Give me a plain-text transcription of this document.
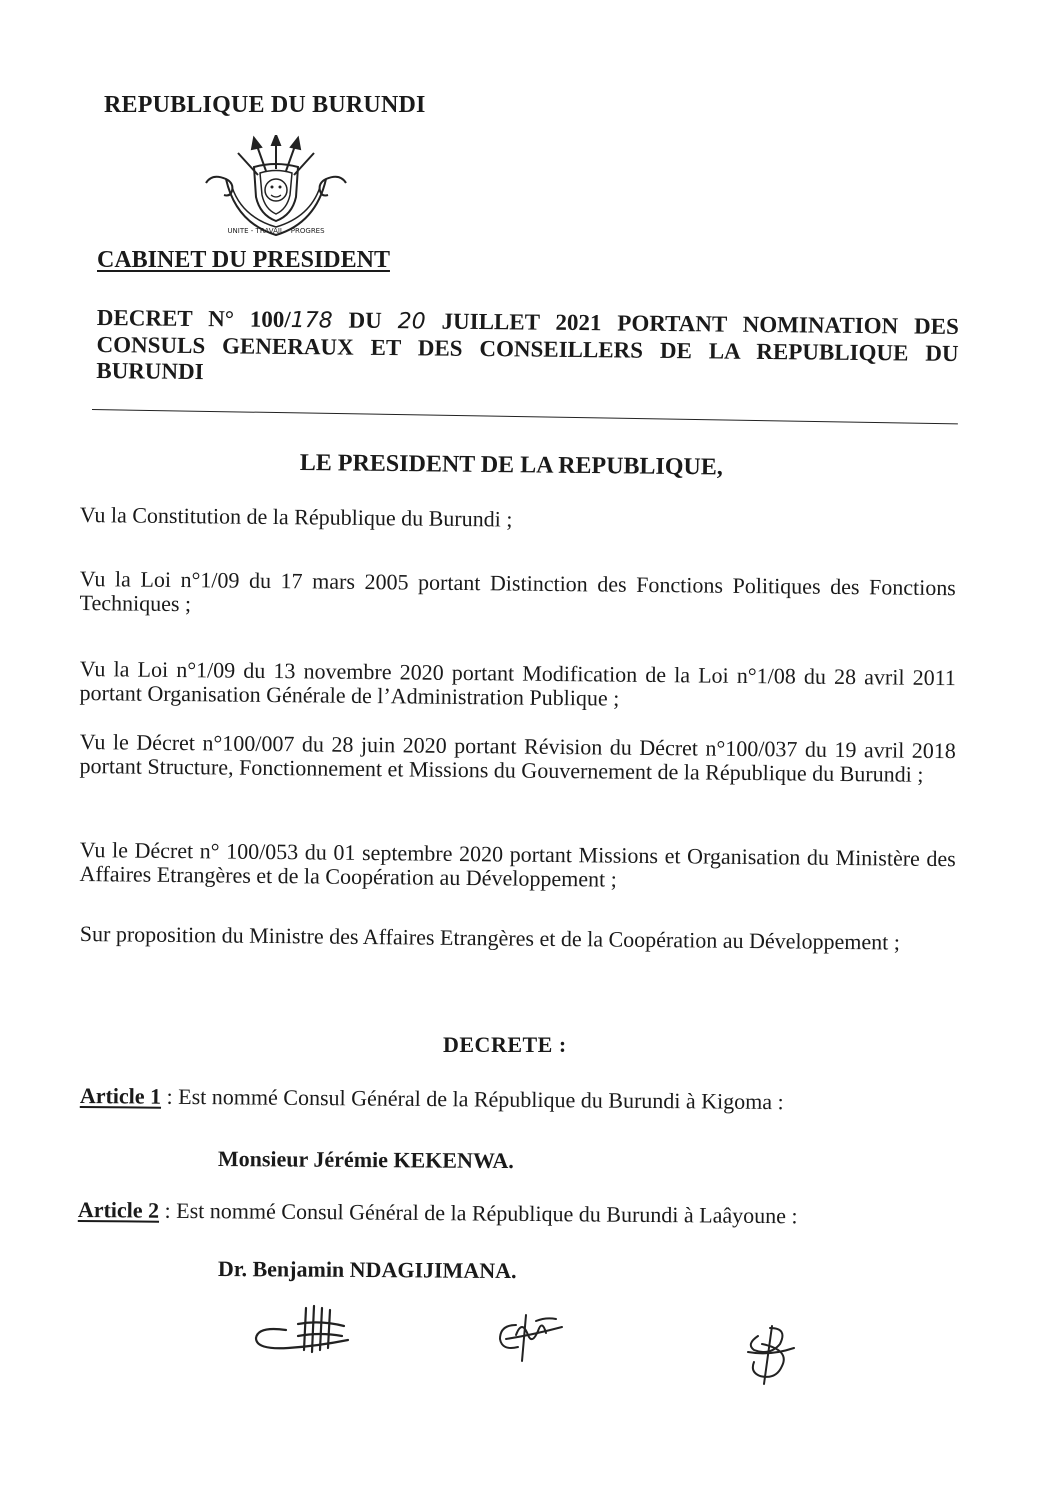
REPUBLIQUE DU BURUNDI
UNITE - TRAVAIL - PROGRES
CABINET DU PRESIDENT
DECRET N° 100/178 DU 20 JUILLET 2021 PORTANT NOMINATION DES CONSULS GENERAUX ET DES CONSEILLERS DE LA REPUBLIQUE DU BURUNDI
LE PRESIDENT DE LA REPUBLIQUE,
Vu la Constitution de la République du Burundi ;
Vu la Loi n°1/09 du 17 mars 2005 portant Distinction des Fonctions Politiques des Fonctions Techniques ;
Vu la Loi n°1/09 du 13 novembre 2020 portant Modification de la Loi n°1/08 du 28 avril 2011 portant Organisation Générale de l’Administration Publique ;
Vu le Décret n°100/007 du 28 juin 2020 portant Révision du Décret n°100/037 du 19 avril 2018 portant Structure, Fonctionnement et Missions du Gouvernement de la République du Burundi ;
Vu le Décret n° 100/053 du 01 septembre 2020 portant Missions et Organisation du Ministère des Affaires Etrangères et de la Coopération au Développement ;
Sur proposition du Ministre des Affaires Etrangères et de la Coopération au Développement ;
DECRETE :
Article 1 : Est nommé Consul Général de la République du Burundi à Kigoma :
Monsieur Jérémie KEKENWA.
Article 2 : Est nommé Consul Général de la République du Burundi à Laâyoune :
Dr. Benjamin NDAGIJIMANA.
